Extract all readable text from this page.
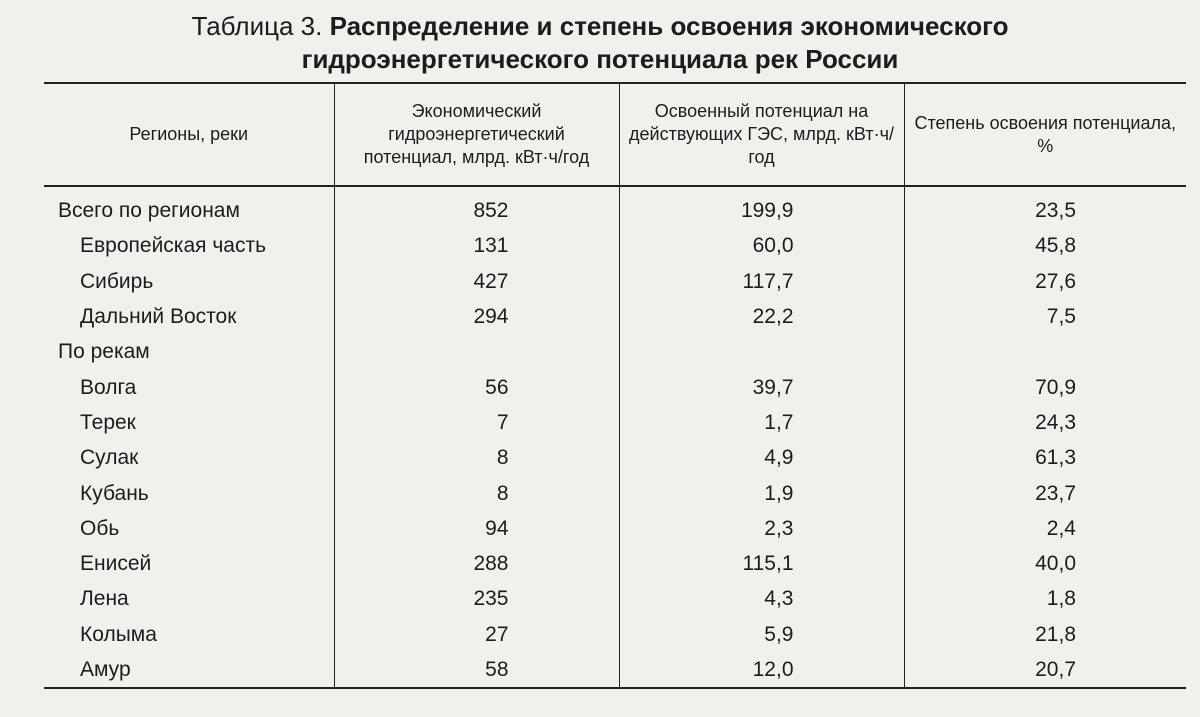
Таблица 3. Распределение и степень освоения экономического
гидроэнергетического потенциала рек России
Регионы, реки	Экономический гидроэнергетический потенциал, млрд. кВт·ч/год	Освоенный потенциал на действующих ГЭС, млрд. кВт·ч/год	Степень освоения потенциала, %
Всего по регионам	852	199,9	23,5
Европейская часть	131	60,0	45,8
Сибирь	427	117,7	27,6
Дальний Восток	294	22,2	7,5
По рекам			
Волга	56	39,7	70,9
Терек	7	1,7	24,3
Сулак	8	4,9	61,3
Кубань	8	1,9	23,7
Обь	94	2,3	2,4
Енисей	288	115,1	40,0
Лена	235	4,3	1,8
Колыма	27	5,9	21,8
Амур	58	12,0	20,7
